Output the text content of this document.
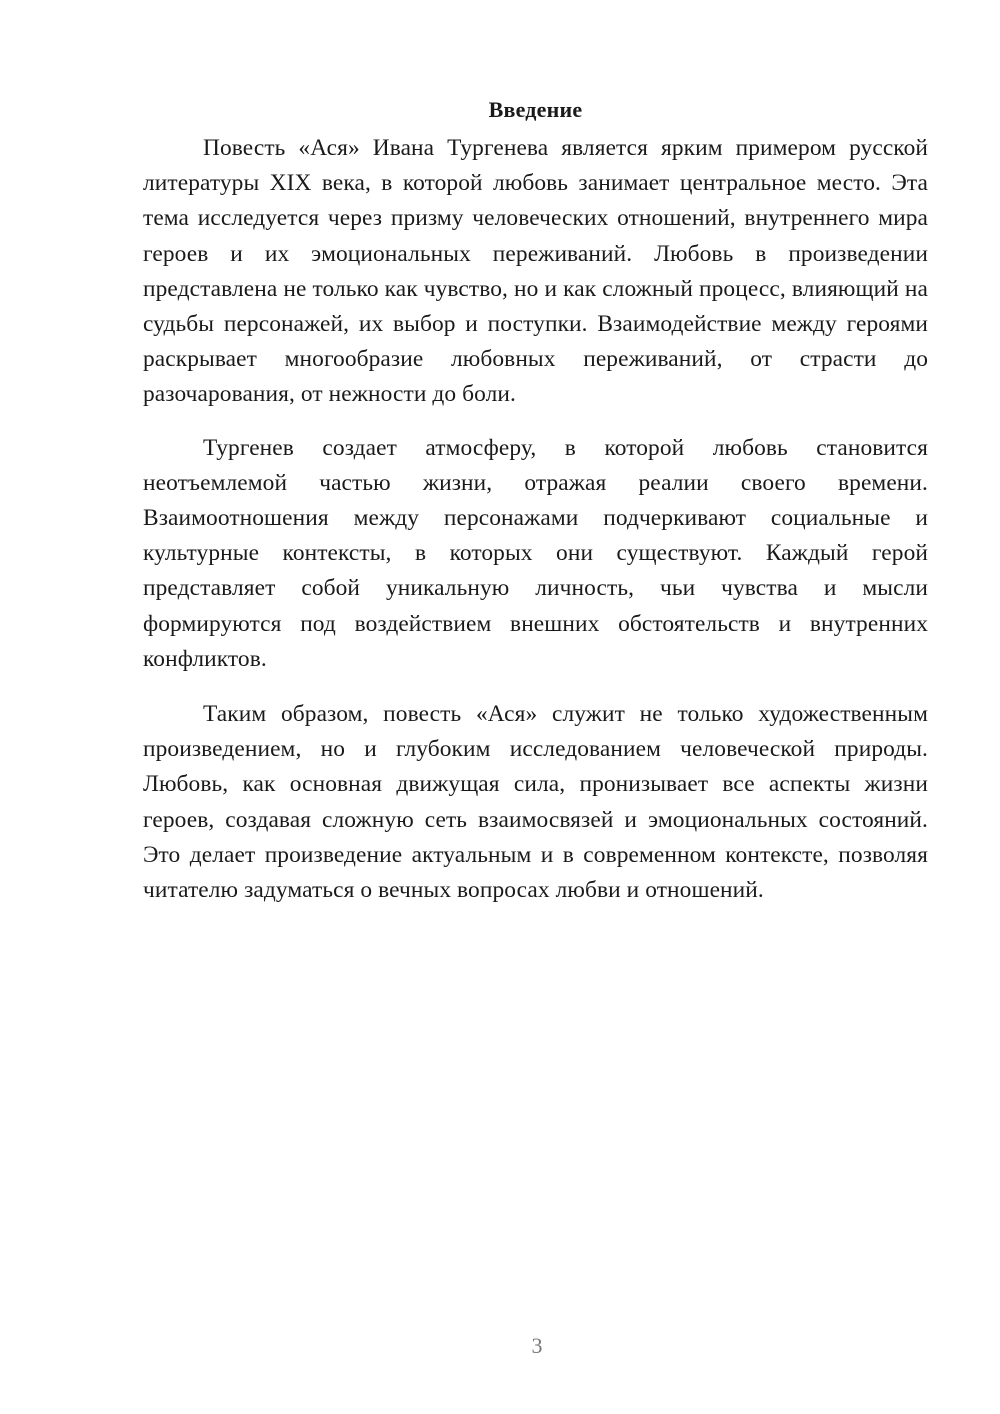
Введение

Повесть «Ася» Ивана Тургенева является ярким примером русской литературы XIX века, в которой любовь занимает центральное место. Эта тема исследуется через призму человеческих отношений, внутреннего мира героев и их эмоциональных переживаний. Любовь в произведении представлена не только как чувство, но и как сложный процесс, влияющий на судьбы персонажей, их выбор и поступки. Взаимодействие между героями раскрывает многообразие любовных переживаний, от страсти до разочарования, от нежности до боли.

Тургенев создает атмосферу, в которой любовь становится неотъемлемой частью жизни, отражая реалии своего времени. Взаимоотношения между персонажами подчеркивают социальные и культурные контексты, в которых они существуют. Каждый герой представляет собой уникальную личность, чьи чувства и мысли формируются под воздействием внешних обстоятельств и внутренних конфликтов.

Таким образом, повесть «Ася» служит не только художественным произведением, но и глубоким исследованием человеческой природы. Любовь, как основная движущая сила, пронизывает все аспекты жизни героев, создавая сложную сеть взаимосвязей и эмоциональных состояний. Это делает произведение актуальным и в современном контексте, позволяя читателю задуматься о вечных вопросах любви и отношений.

3
